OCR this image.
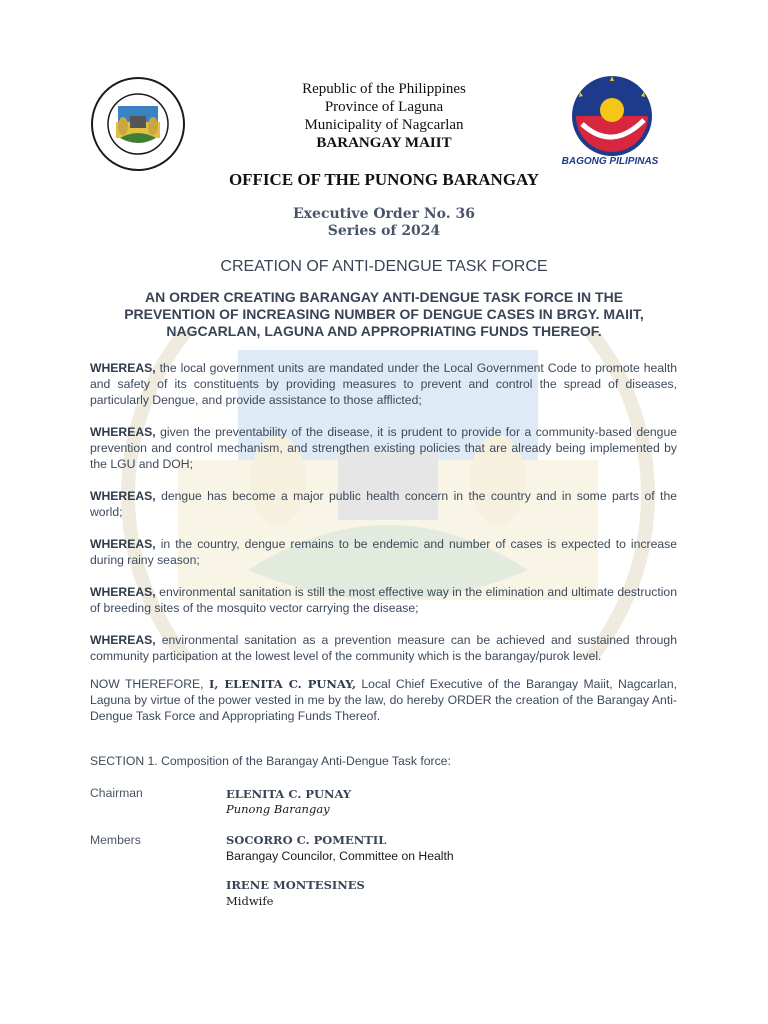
BAGONG PILIPINAS
Republic of the Philippines
Province of Laguna
Municipality of Nagcarlan
BARANGAY MAIIT
OFFICE OF THE PUNONG BARANGAY
Executive Order No. 36
Series of 2024
CREATION OF ANTI-DENGUE TASK FORCE
AN ORDER CREATING BARANGAY ANTI-DENGUE TASK FORCE IN THE
PREVENTION OF INCREASING NUMBER OF DENGUE CASES IN BRGY. MAIIT,
NAGCARLAN, LAGUNA AND APPROPRIATING FUNDS THEREOF.

WHEREAS, the local government units are mandated under the Local Government Code to promote health and safety of its constituents by providing measures to prevent and control the spread of diseases, particularly Dengue, and provide assistance to those afflicted;

WHEREAS, given the preventability of the disease, it is prudent to provide for a community-based dengue prevention and control mechanism, and strengthen existing policies that are already being implemented by the LGU and DOH;

WHEREAS, dengue has become a major public health concern in the country and in some parts of the world;

WHEREAS, in the country, dengue remains to be endemic and number of cases is expected to increase during rainy season;

WHEREAS, environmental sanitation is still the most effective way in the elimination and ultimate destruction of breeding sites of the mosquito vector carrying the disease;

WHEREAS, environmental sanitation as a prevention measure can be achieved and sustained through community participation at the lowest level of the community which is the barangay/purok level.

NOW THEREFORE, I, ELENITA C. PUNAY, Local Chief Executive of the Barangay Maiit, Nagcarlan, Laguna by virtue of the power vested in me by the law, do hereby ORDER the creation of the Barangay Anti-Dengue Task Force and Appropriating Funds Thereof.

SECTION 1. Composition of the Barangay Anti-Dengue Task force:
Chairman	ELENITA C. PUNAY
Punong Barangay
Members	SOCORRO C. POMENTIL
Barangay Councilor, Committee on Health
IRENE MONTESINES
Midwife
